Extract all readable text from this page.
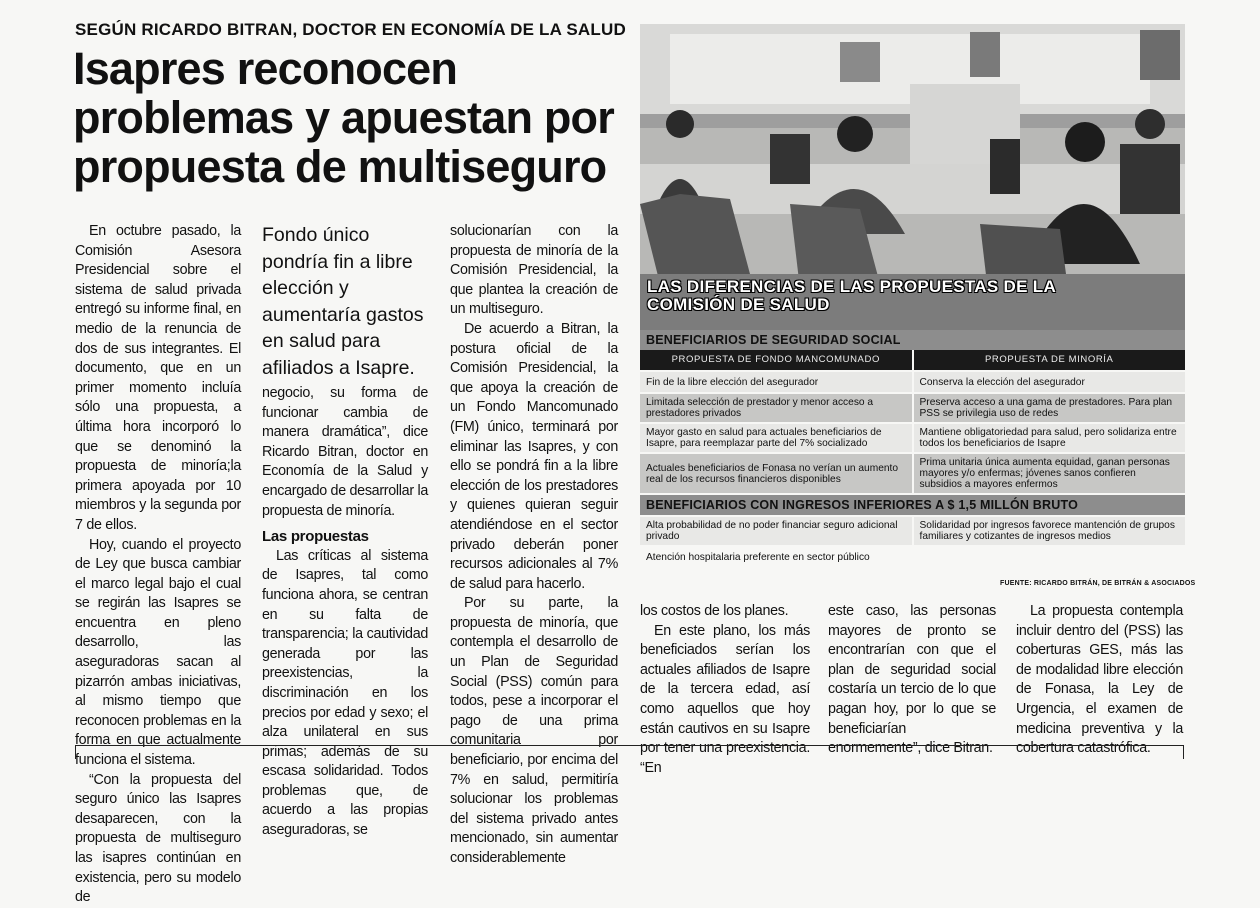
SEGÚN RICARDO BITRAN, DOCTOR EN ECONOMÍA DE LA SALUD
Isapres reconocen problemas y apuestan por propuesta de multiseguro

En octubre pasado, la Comisión Asesora Presidencial sobre el sistema de salud privada entregó su informe final, en medio de la renuncia de dos de sus integrantes. El documento, que en un primer momento incluía sólo una propuesta, a última hora incorporó lo que se denominó la propuesta de minoría;la primera apoyada por 10 miembros y la segunda por 7 de ellos.

Hoy, cuando el proyecto de Ley que busca cambiar el marco legal bajo el cual se regirán las Isapres se encuentra en pleno desarrollo, las aseguradoras sacan al pizarrón ambas iniciativas, al mismo tiempo que reconocen problemas en la forma en que actualmente funciona el sistema.

“Con la propuesta del seguro único las Isapres desaparecen, con la propuesta de multiseguro las isapres continúan en existencia, pero su modelo de

Fondo único pondría fin a libre elección y aumentaría gastos en salud para afiliados a Isapre.

negocio, su forma de funcionar cambia de manera dramática”, dice Ricardo Bitran, doctor en Economía de la Salud y encargado de desarrollar la propuesta de minoría.

Las propuestas

Las críticas al sistema de Isapres, tal como funciona ahora, se centran en su falta de transparencia; la cautividad generada por las preexistencias, la discriminación en los precios por edad y sexo; el alza unilateral en sus primas; además de su escasa solidaridad. Todos problemas que, de acuerdo a las propias aseguradoras, se

solucionarían con la propuesta de minoría de la Comisión Presidencial, la que plantea la creación de un multiseguro.

De acuerdo a Bitran, la postura oficial de la Comisión Presidencial, la que apoya la creación de un Fondo Mancomunado (FM) único, terminará por eliminar las Isapres, y con ello se pondrá fin a la libre elección de los prestadores y quienes quieran seguir atendiéndose en el sector privado deberán poner recursos adicionales al 7% de salud para hacerlo.

Por su parte, la propuesta de minoría, que contempla el desarrollo de un Plan de Seguridad Social (PSS) común para todos, pese a incorporar el pago de una prima comunitaria por beneficiario, por encima del 7% en salud, permitiría solucionar los problemas del sistema privado antes mencionado, sin aumentar considerablemente

los costos de los planes.

En este plano, los más beneficiados serían los actuales afiliados de Isapre de la tercera edad, así como aquellos que hoy están cautivos en su Isapre por tener una preexistencia. “En

este caso, las personas mayores de pronto se encontrarían con que el plan de seguridad social costaría un tercio de lo que pagan hoy, por lo que se beneficiarían enormemente”, dice Bitran.

La propuesta contempla incluir dentro del (PSS) las coberturas GES, más las de modalidad libre elección de Fonasa, la Ley de Urgencia, el examen de medicina preventiva y la cobertura catastrófica.

LAS DIFERENCIAS DE LAS PROPUESTAS DE LA COMISIÓN DE SALUD
BENEFICIARIOS DE SEGURIDAD SOCIAL
PROPUESTA DE FONDO MANCOMUNADO	PROPUESTA DE MINORÍA
Fin de la libre elección del asegurador	Conserva la elección del asegurador
Limitada selección de prestador y menor acceso a prestadores privados
Preserva acceso a una gama de prestadores. Para plan PSS se privilegia uso de redes
Mayor gasto en salud para actuales beneficiarios de Isapre, para reemplazar parte del 7% socializado
Mantiene obligatoriedad para salud, pero solidariza entre todos los beneficiarios de Isapre
Actuales beneficiarios de Fonasa no verían un aumento real de los recursos financieros disponibles
Prima unitaria única aumenta equidad, ganan personas mayores y/o enfermas; jóvenes sanos confieren subsidios a mayores enfermos
BENEFICIARIOS CON INGRESOS INFERIORES A $ 1,5 MILLÓN BRUTO
Alta probabilidad de no poder financiar seguro adicional privado
Solidaridad por ingresos favorece mantención de grupos familiares y cotizantes de ingresos medios
Atención hospitalaria preferente en sector público
FUENTE: RICARDO BITRÁN, DE BITRÁN & ASOCIADOS
